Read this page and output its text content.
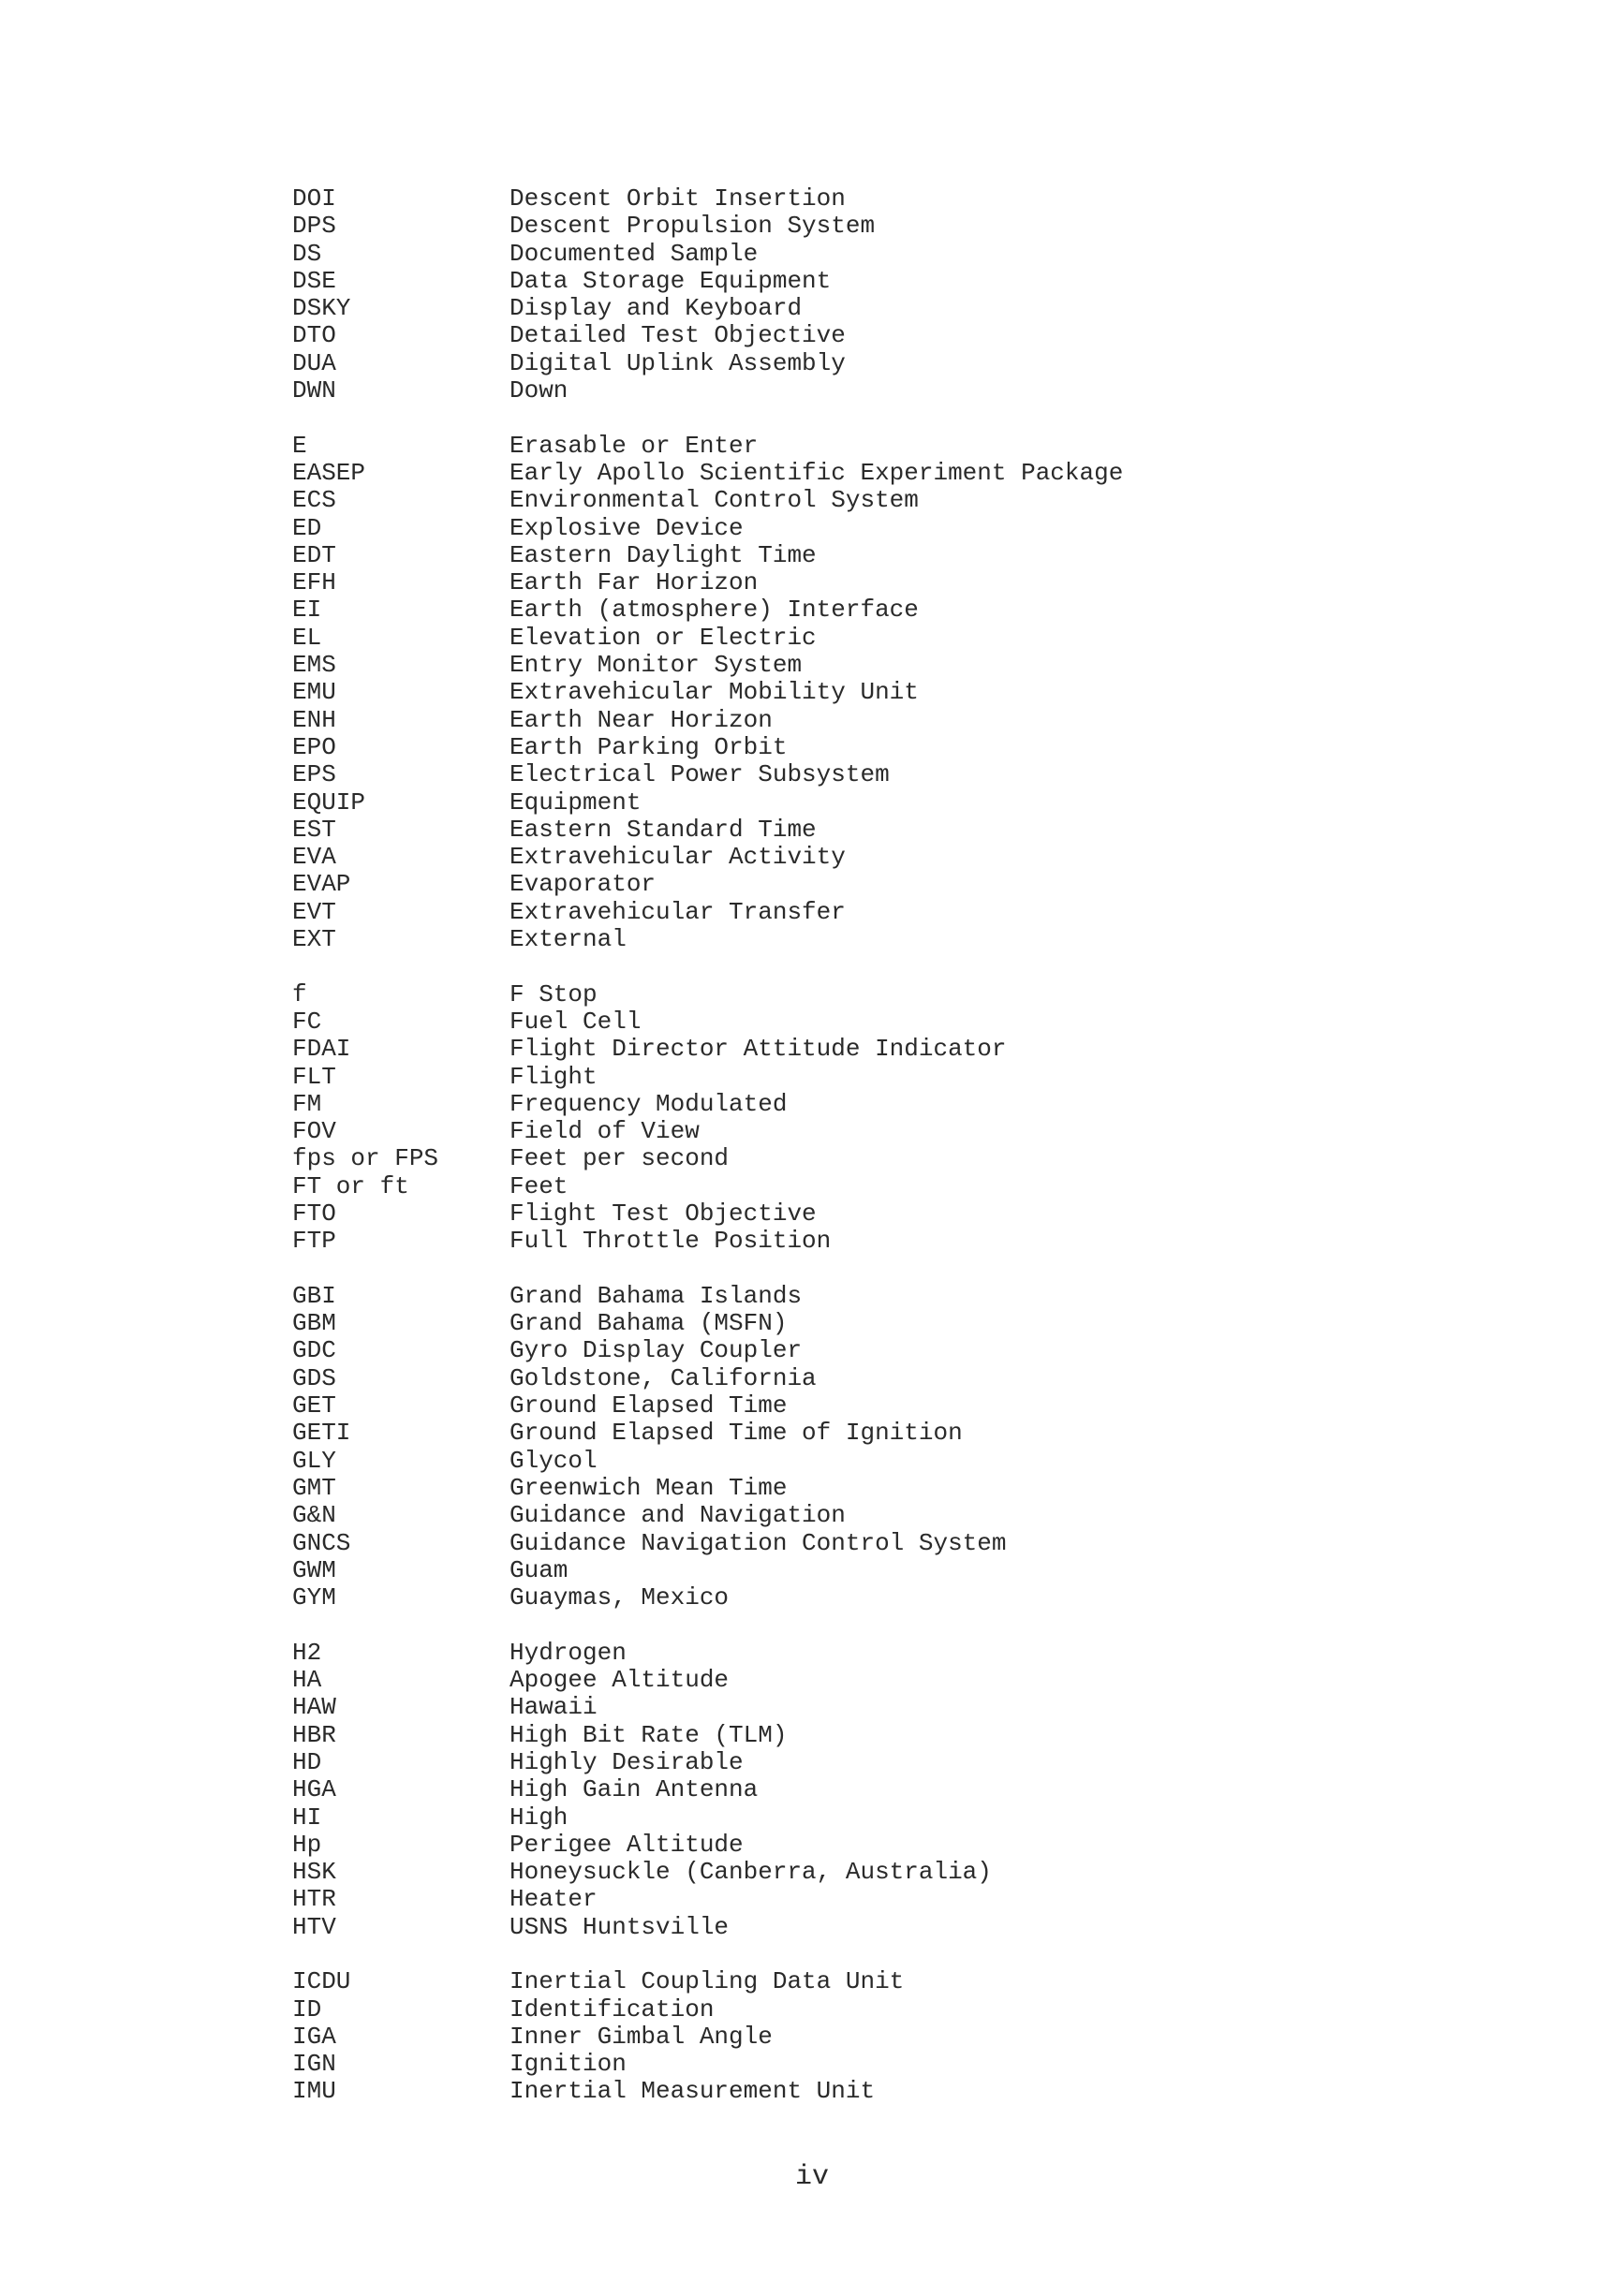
DOI	Descent Orbit Insertion
DPS	Descent Propulsion System
DS	Documented Sample
DSE	Data Storage Equipment
DSKY	Display and Keyboard
DTO	Detailed Test Objective
DUA	Digital Uplink Assembly
DWN	Down
E	Erasable or Enter
EASEP	Early Apollo Scientific Experiment Package
ECS	Environmental Control System
ED	Explosive Device
EDT	Eastern Daylight Time
EFH	Earth Far Horizon
EI	Earth (atmosphere) Interface
EL	Elevation or Electric
EMS	Entry Monitor System
EMU	Extravehicular Mobility Unit
ENH	Earth Near Horizon
EPO	Earth Parking Orbit
EPS	Electrical Power Subsystem
EQUIP	Equipment
EST	Eastern Standard Time
EVA	Extravehicular Activity
EVAP	Evaporator
EVT	Extravehicular Transfer
EXT	External
f	F Stop
FC	Fuel Cell
FDAI	Flight Director Attitude Indicator
FLT	Flight
FM	Frequency Modulated
FOV	Field of View
fps or FPS	Feet per second
FT or ft	Feet
FTO	Flight Test Objective
FTP	Full Throttle Position
GBI	Grand Bahama Islands
GBM	Grand Bahama (MSFN)
GDC	Gyro Display Coupler
GDS	Goldstone, California
GET	Ground Elapsed Time
GETI	Ground Elapsed Time of Ignition
GLY	Glycol
GMT	Greenwich Mean Time
G&N	Guidance and Navigation
GNCS	Guidance Navigation Control System
GWM	Guam
GYM	Guaymas, Mexico
H2	Hydrogen
HA	Apogee Altitude
HAW	Hawaii
HBR	High Bit Rate (TLM)
HD	Highly Desirable
HGA	High Gain Antenna
HI	High
Hp	Perigee Altitude
HSK	Honeysuckle (Canberra, Australia)
HTR	Heater
HTV	USNS Huntsville
ICDU	Inertial Coupling Data Unit
ID	Identification
IGA	Inner Gimbal Angle
IGN	Ignition
IMU	Inertial Measurement Unit
iv
